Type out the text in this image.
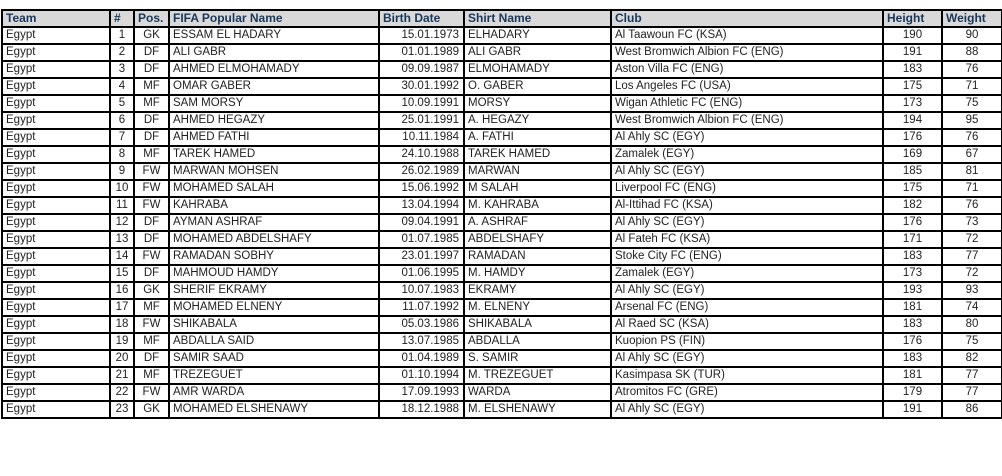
Team	#	Pos.	FIFA Popular Name	Birth Date	Shirt Name	Club	Height	Weight
Egypt	1	GK	ESSAM EL HADARY	15.01.1973	ELHADARY	Al Taawoun FC (KSA)	190	90
Egypt	2	DF	ALI GABR	01.01.1989	ALI GABR	West Bromwich Albion FC (ENG)	191	88
Egypt	3	DF	AHMED ELMOHAMADY	09.09.1987	ELMOHAMADY	Aston Villa FC (ENG)	183	76
Egypt	4	MF	OMAR GABER	30.01.1992	O. GABER	Los Angeles FC (USA)	175	71
Egypt	5	MF	SAM MORSY	10.09.1991	MORSY	Wigan Athletic FC (ENG)	173	75
Egypt	6	DF	AHMED HEGAZY	25.01.1991	A. HEGAZY	West Bromwich Albion FC (ENG)	194	95
Egypt	7	DF	AHMED FATHI	10.11.1984	A. FATHI	Al Ahly SC (EGY)	176	76
Egypt	8	MF	TAREK HAMED	24.10.1988	TAREK HAMED	Zamalek (EGY)	169	67
Egypt	9	FW	MARWAN MOHSEN	26.02.1989	MARWAN	Al Ahly SC (EGY)	185	81
Egypt	10	FW	MOHAMED SALAH	15.06.1992	M SALAH	Liverpool FC (ENG)	175	71
Egypt	11	FW	KAHRABA	13.04.1994	M. KAHRABA	Al-Ittihad FC (KSA)	182	76
Egypt	12	DF	AYMAN ASHRAF	09.04.1991	A. ASHRAF	Al Ahly SC (EGY)	176	73
Egypt	13	DF	MOHAMED ABDELSHAFY	01.07.1985	ABDELSHAFY	Al Fateh FC (KSA)	171	72
Egypt	14	FW	RAMADAN SOBHY	23.01.1997	RAMADAN	Stoke City FC (ENG)	183	77
Egypt	15	DF	MAHMOUD HAMDY	01.06.1995	M. HAMDY	Zamalek (EGY)	173	72
Egypt	16	GK	SHERIF EKRAMY	10.07.1983	EKRAMY	Al Ahly SC (EGY)	193	93
Egypt	17	MF	MOHAMED ELNENY	11.07.1992	M. ELNENY	Arsenal FC (ENG)	181	74
Egypt	18	FW	SHIKABALA	05.03.1986	SHIKABALA	Al Raed SC (KSA)	183	80
Egypt	19	MF	ABDALLA SAID	13.07.1985	ABDALLA	Kuopion PS (FIN)	176	75
Egypt	20	DF	SAMIR SAAD	01.04.1989	S. SAMIR	Al Ahly SC (EGY)	183	82
Egypt	21	MF	TREZEGUET	01.10.1994	M. TREZEGUET	Kasimpasa SK (TUR)	181	77
Egypt	22	FW	AMR WARDA	17.09.1993	WARDA	Atromitos FC (GRE)	179	77
Egypt	23	GK	MOHAMED ELSHENAWY	18.12.1988	M. ELSHENAWY	Al Ahly SC (EGY)	191	86
